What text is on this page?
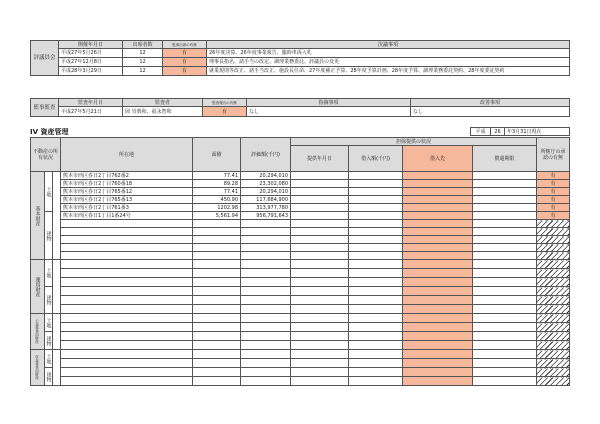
評議員会	開催年月日	出席者数	監事出席の有無	決議事項
	平成27年5月26日	12	有	26年度決算、26年度事業報告、臨時車両入札
	平成27年12月8日	12	有	理事長指名、諸手当の改定、調理業務委託、評議員の変更
	平成28年3月29日	12	有	就業規則等改正、諸手当改正、施設長任命、27年度補正予算、28年度予算計画、28年度予算、調理業務委託契約、28年度委託契約
監事監査	監査年月日	監査者	監査報告の有無	指摘事項	改善事項
	平成27年5月21日	岡 崇典和、福永智和	有	なし	なし
IV 資産管理	平成	26	年3月31日現在
不動産の所有状況			所在地	面積	評価額(千円)	担保提供の状況				所轄庁の承認の有無
						提供年月日	借入額(千円)	借入先	償還期限	
基本財産	土地		熊本市西区春日2丁目762番2	77.41	20,294,010					有
			熊本市西区春日2丁目760番18	89.28	23,302,080					有
			熊本市西区春日2丁目765番12	77.41	20,294,010					有
			熊本市西区春日2丁目765番13	450.90	117,684,900					有
			熊本市西区春日2丁目761番3	1202.98	313,977,780					有
	建物		熊本市西区春日1丁目1番24号	5,561.94	956,791,643					有

運用財産	土地									

	建物									

公益事業用財産	土地									

	建物									

収益事業用財産	土地									

	建物									
